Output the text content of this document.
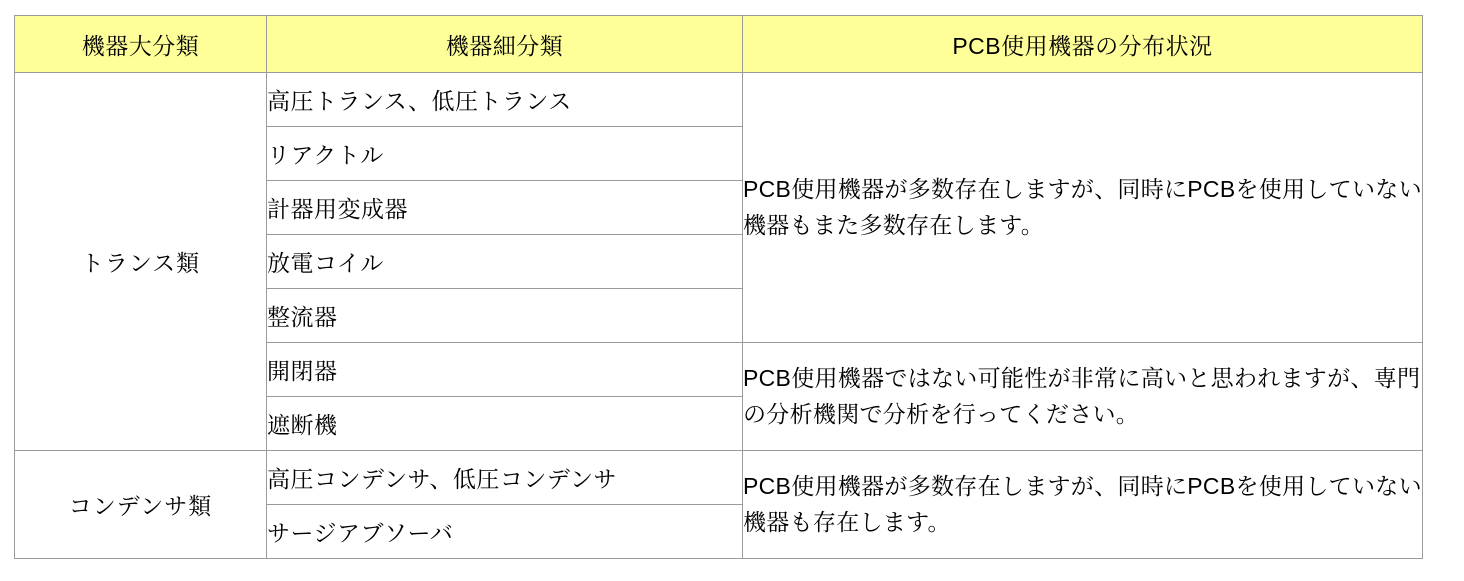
機器大分類	機器細分類	PCB使用機器の分布状況
トランス類	高圧トランス、低圧トランス	PCB使用機器が多数存在しますが、同時にPCBを使用していない機器もまた多数存在します。

	リアクトル	
	計器用変成器	
	放電コイル	
	整流器	
	開閉器	PCB使用機器ではない可能性が非常に高いと思われますが、専門の分析機関で分析を行ってください。

	遮断機	
コンデンサ類	高圧コンデンサ、低圧コンデンサ	PCB使用機器が多数存在しますが、同時にPCBを使用していない機器も存在します。

	サージアブソーバ	
